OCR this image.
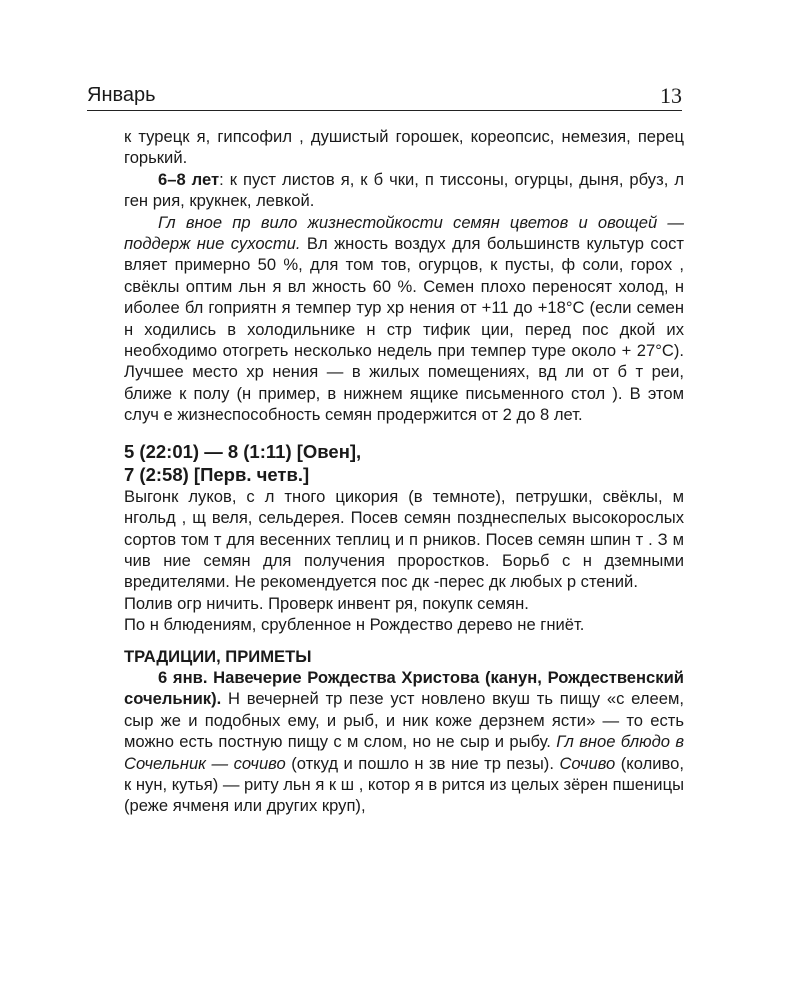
Январь	13

к турецк я, гипсофил , душистый горошек, кореопсис, немезия, перец горький.

6–8 лет: к пуст листов я, к б чки, п тиссоны, огурцы, дыня, рбуз, л ген рия, крукнек, левкой.

Гл вное пр вило жизнестойкости семян цветов и овощей — поддерж ние сухости. Вл жность воздух для большинств культур сост вляет примерно 50 %, для том тов, огурцов, к пусты, ф соли, горох , свёклы оптим льн я вл жность 60 %. Семен плохо переносят холод, н иболее бл гоприятн я темпер тур хр нения от +11 до +18°С (если семен н ходились в холодильнике н стр тифик ции, перед пос дкой их необходимо отогреть несколько недель при темпер туре около + 27°С). Лучшее место хр нения — в жилых помещениях, вд ли от б т реи, ближе к полу (н пример, в нижнем ящике письменного стол ). В этом случ е жизнеспособность семян продержится от 2 до 8 лет.

5 (22:01) — 8 (1:11) [Овен],
7 (2:58) [Перв. четв.]

Выгонк луков, с л тного цикория (в темноте), петрушки, свёклы, м нгольд , щ веля, сельдерея. Посев семян позднеспелых высокорослых сортов том т для весенних теплиц и п рников. Посев семян шпин т . З м чив ние семян для получения проростков. Борьб с н дземными вредителями. Не рекомендуется пос дк -перес дк любых р стений.

Полив огр ничить. Проверк инвент ря, покупк семян.

По н блюдениям, срубленное н Рождество дерево не гниёт.

ТРАДИЦИИ, ПРИМЕТЫ

6 янв. Навечерие Рождества Христова (канун, Рождественский сочельник). Н вечерней тр пезе уст новлено вкуш ть пищу «с елеем, сыр же и подобных ему, и рыб, и ник коже дерзнем ясти» — то есть можно есть постную пищу с м слом, но не сыр и рыбу. Гл вное блюдо в Сочельник — сочиво (откуд и пошло н зв ние тр пезы). Сочиво (коливо, к нун, кутья) — риту льн я к ш , котор я в рится из целых зёрен пшеницы (реже ячменя или других круп),
